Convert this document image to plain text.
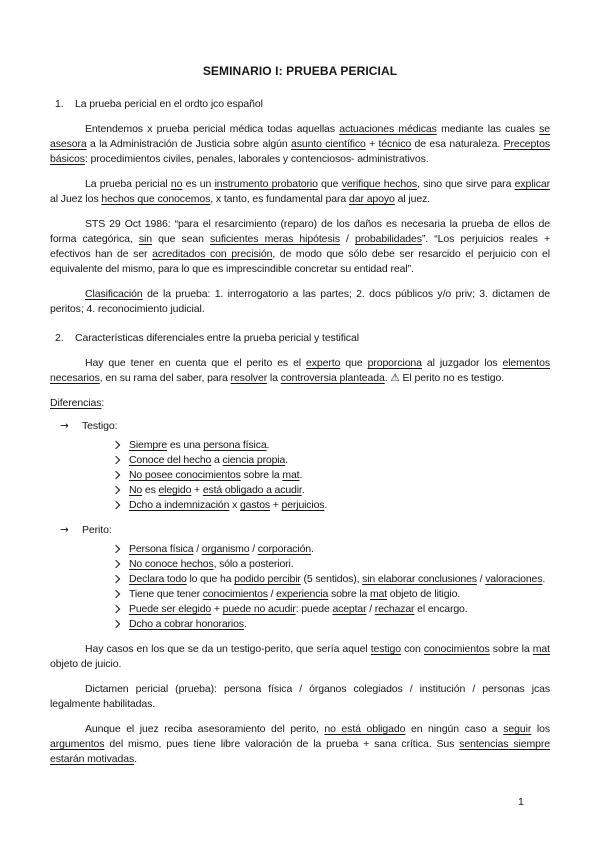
SEMINARIO I: PRUEBA PERICIAL
1. La prueba pericial en el ordto jco español

Entendemos x prueba pericial médica todas aquellas actuaciones médicas mediante las cuales se asesora a la Administración de Justicia sobre algún asunto científico + técnico de esa naturaleza. Preceptos básicos: procedimientos civiles, penales, laborales y contenciosos- administrativos.

La prueba pericial no es un instrumento probatorio que verifique hechos, sino que sirve para explicar al Juez los hechos que conocemos, x tanto, es fundamental para dar apoyo al juez.

STS 29 Oct 1986: “para el resarcimiento (reparo) de los daños es necesaria la prueba de ellos de forma categórica, sin que sean suficientes meras hipótesis / probabilidades”. “Los perjuicios reales + efectivos han de ser acreditados con precisión, de modo que sólo debe ser resarcido el perjuicio con el equivalente del mismo, para lo que es imprescindible concretar su entidad real”.

Clasificación de la prueba: 1. interrogatorio a las partes; 2. docs públicos y/o priv; 3. dictamen de peritos; 4. reconocimiento judicial.

2. Características diferenciales entre la prueba pericial y testifical

Hay que tener en cuenta que el perito es el experto que proporciona al juzgador los elementos necesarios, en su rama del saber, para resolver la controversia planteada. ⚠ El perito no es testigo.

Diferencias:

→ Testigo:
Siempre es una persona física.
Conoce del hecho a ciencia propia.
No posee conocimientos sobre la mat.
No es elegido + está obligado a acudir.
Dcho a indemnización x gastos + perjuicios.
→ Perito:
Persona física / organismo / corporación.
No conoce hechos, sólo a posteriori.
Declara todo lo que ha podido percibir (5 sentidos), sin elaborar conclusiones / valoraciones.
Tiene que tener conocimientos / experiencia sobre la mat objeto de litigio.
Puede ser elegido + puede no acudir: puede aceptar / rechazar el encargo.
Dcho a cobrar honorarios.

Hay casos en los que se da un testigo-perito, que sería aquel testigo con conocimientos sobre la mat objeto de juicio.

Dictamen pericial (prueba): persona física / órganos colegiados / institución / personas jcas legalmente habilitadas.

Aunque el juez reciba asesoramiento del perito, no está obligado en ningún caso a seguir los argumentos del mismo, pues tiene libre valoración de la prueba + sana crítica. Sus sentencias siempre estarán motivadas.

1
